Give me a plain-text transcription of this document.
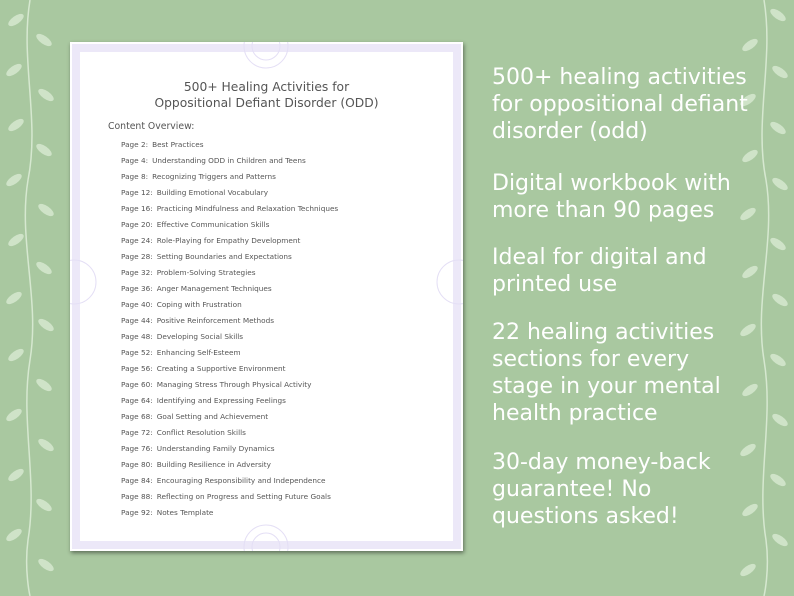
500+ Healing Activities for
Oppositional Defiant Disorder (ODD)
Content Overview:
Page 2: Best Practices
Page 4: Understanding ODD in Children and Teens
Page 8: Recognizing Triggers and Patterns
Page 12: Building Emotional Vocabulary
Page 16: Practicing Mindfulness and Relaxation Techniques
Page 20: Effective Communication Skills
Page 24: Role-Playing for Empathy Development
Page 28: Setting Boundaries and Expectations
Page 32: Problem-Solving Strategies
Page 36: Anger Management Techniques
Page 40: Coping with Frustration
Page 44: Positive Reinforcement Methods
Page 48: Developing Social Skills
Page 52: Enhancing Self-Esteem
Page 56: Creating a Supportive Environment
Page 60: Managing Stress Through Physical Activity
Page 64: Identifying and Expressing Feelings
Page 68: Goal Setting and Achievement
Page 72: Conflict Resolution Skills
Page 76: Understanding Family Dynamics
Page 80: Building Resilience in Adversity
Page 84: Encouraging Responsibility and Independence
Page 88: Reflecting on Progress and Setting Future Goals
Page 92: Notes Template
500+ healing activities
for oppositional defiant
disorder (odd)
Digital workbook with
more than 90 pages
Ideal for digital and
printed use
22 healing activities
sections for every
stage in your mental
health practice
30-day money-back
guarantee! No
questions asked!
